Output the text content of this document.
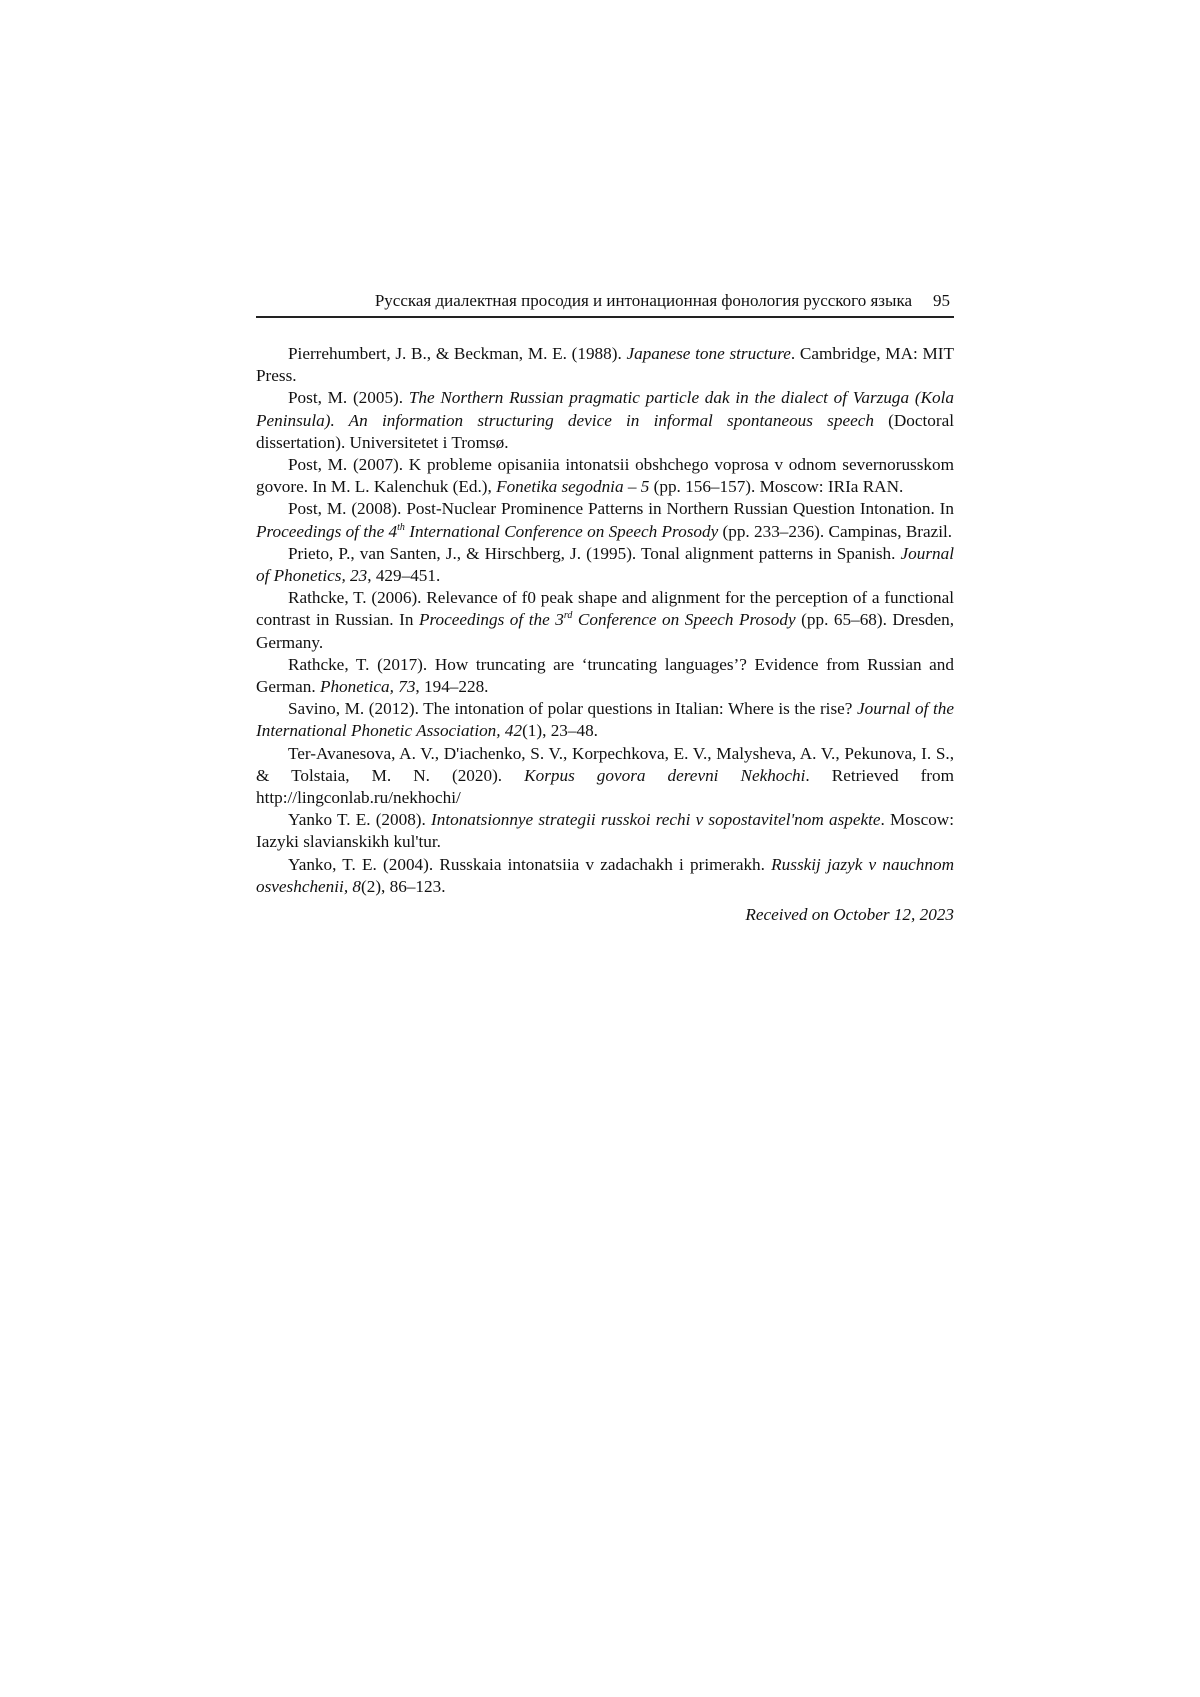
Русская диалектная просодия и интонационная фонология русского языка 95

Pierrehumbert, J. B., & Beckman, M. E. (1988). Japanese tone structure. Cambridge, MA: MIT Press.

Post, M. (2005). The Northern Russian pragmatic particle dak in the dialect of Varzuga (Kola Peninsula). An information structuring device in informal spontaneous speech (Doctoral dissertation). Universitetet i Tromsø.

Post, M. (2007). K probleme opisaniia intonatsii obshchego voprosa v odnom severnorusskom govore. In M. L. Kalenchuk (Ed.), Fonetika segodnia – 5 (pp. 156–157). Moscow: IRIa RAN.

Post, M. (2008). Post-Nuclear Prominence Patterns in Northern Russian Question Intonation. In Proceedings of the 4th International Conference on Speech Prosody (pp. 233–236). Campinas, Brazil.

Prieto, P., van Santen, J., & Hirschberg, J. (1995). Tonal alignment patterns in Spanish. Journal of Phonetics, 23, 429–451.

Rathcke, T. (2006). Relevance of f0 peak shape and alignment for the perception of a functional contrast in Russian. In Proceedings of the 3rd Conference on Speech Prosody (pp. 65–68). Dresden, Germany.

Rathcke, T. (2017). How truncating are ‘truncating languages’? Evidence from Russian and German. Phonetica, 73, 194–228.

Savino, M. (2012). The intonation of polar questions in Italian: Where is the rise? Journal of the International Phonetic Association, 42(1), 23–48.

Ter-Avanesova, A. V., D'iachenko, S. V., Korpechkova, E. V., Malysheva, A. V., Pekunova, I. S., & Tolstaia, M. N. (2020). Korpus govora derevni Nekhochi. Retrieved from http://lingconlab.ru/nekhochi/

Yanko T. E. (2008). Intonatsionnye strategii russkoi rechi v sopostavitel'nom aspekte. Moscow: Iazyki slavianskikh kul'tur.

Yanko, T. E. (2004). Russkaia intonatsiia v zadachakh i primerakh. Russkij jazyk v nauchnom osveshchenii, 8(2), 86–123.

Received on October 12, 2023
